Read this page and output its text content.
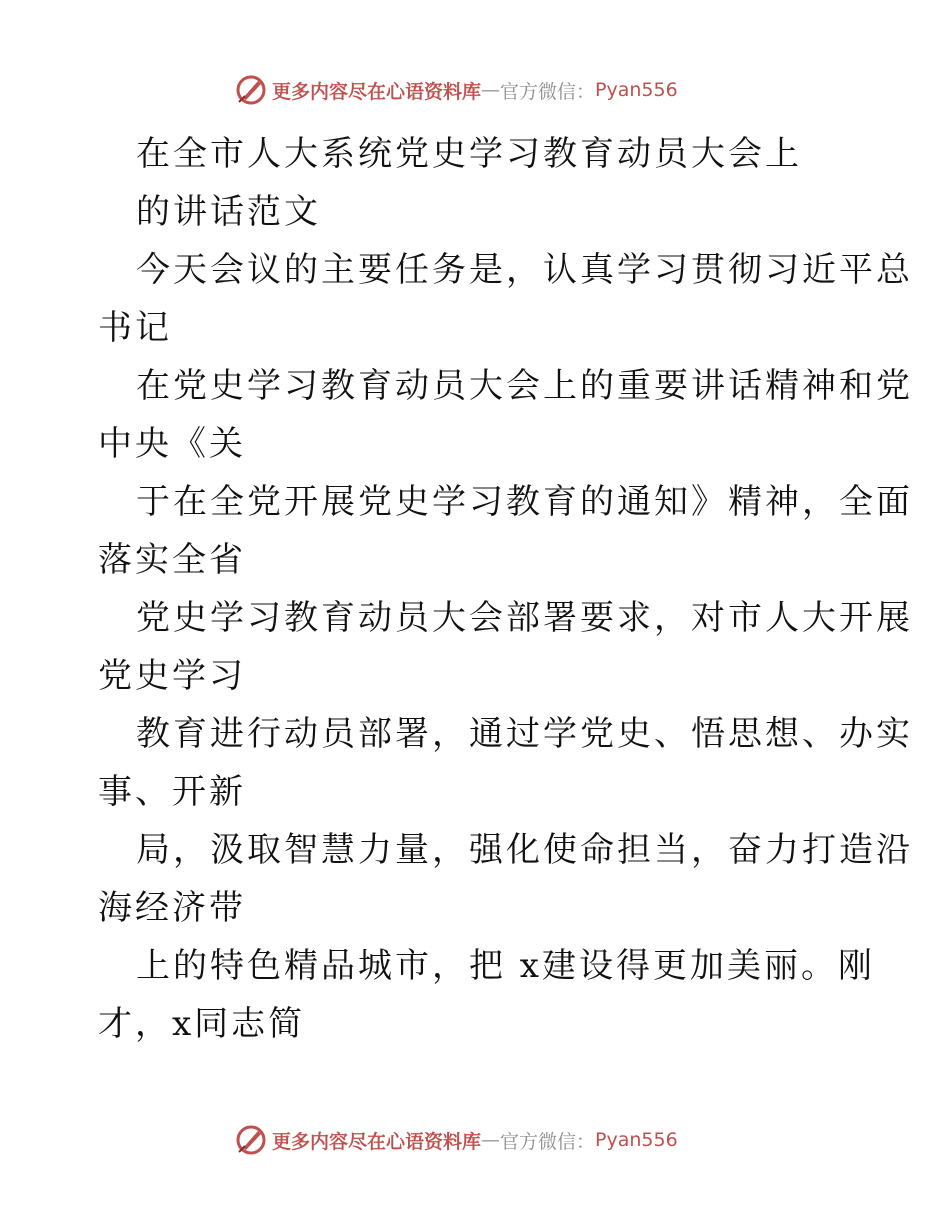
更多内容尽在心语资料库 — 官方微信： Pyan556
在全市人大系统党史学习教育动员大会上
的讲话范文
今天会议的主要任务是，认真学习贯彻习近平总
书记
在党史学习教育动员大会上的重要讲话精神和党
中央《关
于在全党开展党史学习教育的通知》精神，全面
落实全省
党史学习教育动员大会部署要求，对市人大开展
党史学习
教育进行动员部署，通过学党史、悟思想、办实
事、开新
局，汲取智慧力量，强化使命担当，奋力打造沿
海经济带
上的特色精品城市，把 x建设得更加美丽。刚
才，x同志简
更多内容尽在心语资料库 — 官方微信： Pyan556
